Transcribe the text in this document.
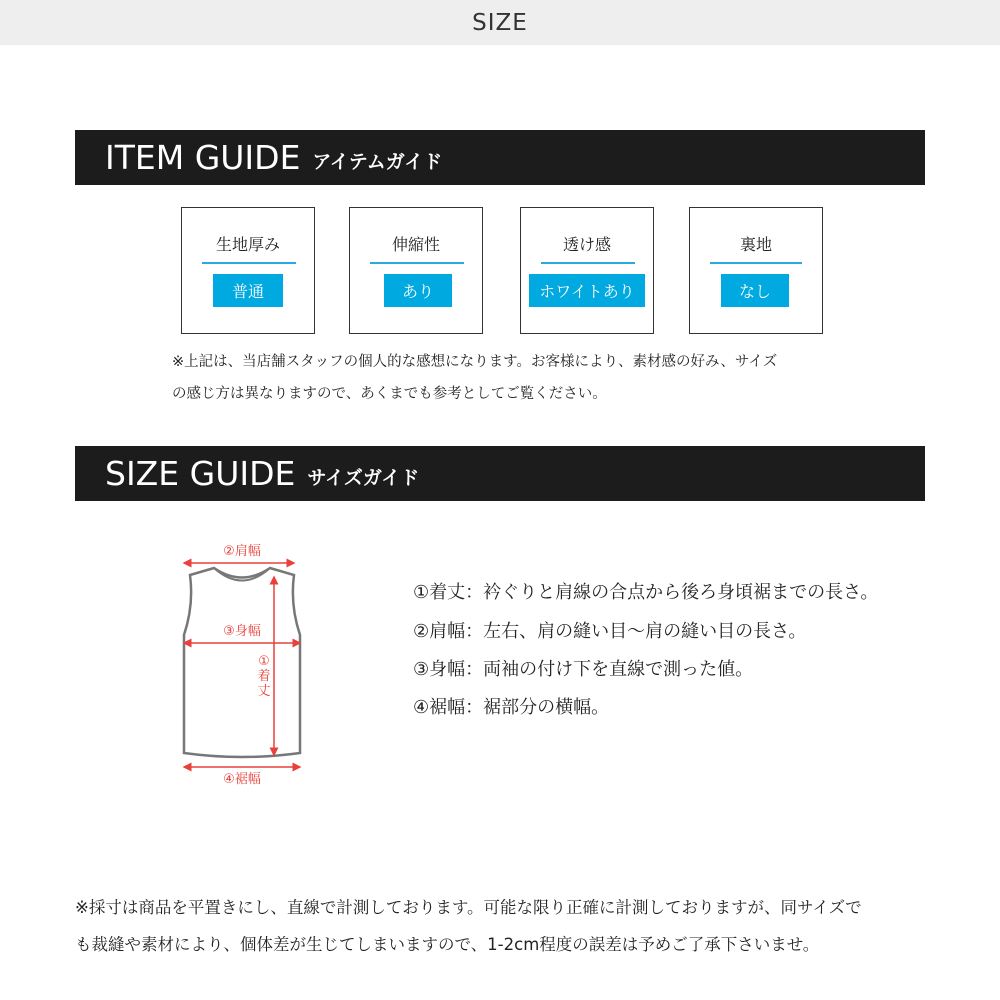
SIZE
ITEM GUIDE アイテムガイド
生地厚み
普通
伸縮性
あり
透け感
ホワイトあり
裏地
なし
※上記は、当店舗スタッフの個人的な感想になります。お客様により、素材感の好み、サイズ
の感じ方は異なりますので、あくまでも参考としてご覧ください。
SIZE GUIDE サイズガイド
②肩幅
③身幅
①
着
丈
④裾幅
①着丈：衿ぐりと肩線の合点から後ろ身頃裾までの長さ。
②肩幅：左右、肩の縫い目〜肩の縫い目の長さ。
③身幅：両袖の付け下を直線で測った値。
④裾幅：裾部分の横幅。
※採寸は商品を平置きにし、直線で計測しております。可能な限り正確に計測しておりますが、同サイズで
も裁縫や素材により、個体差が生じてしまいますので、1-2cm程度の誤差は予めご了承下さいませ。
